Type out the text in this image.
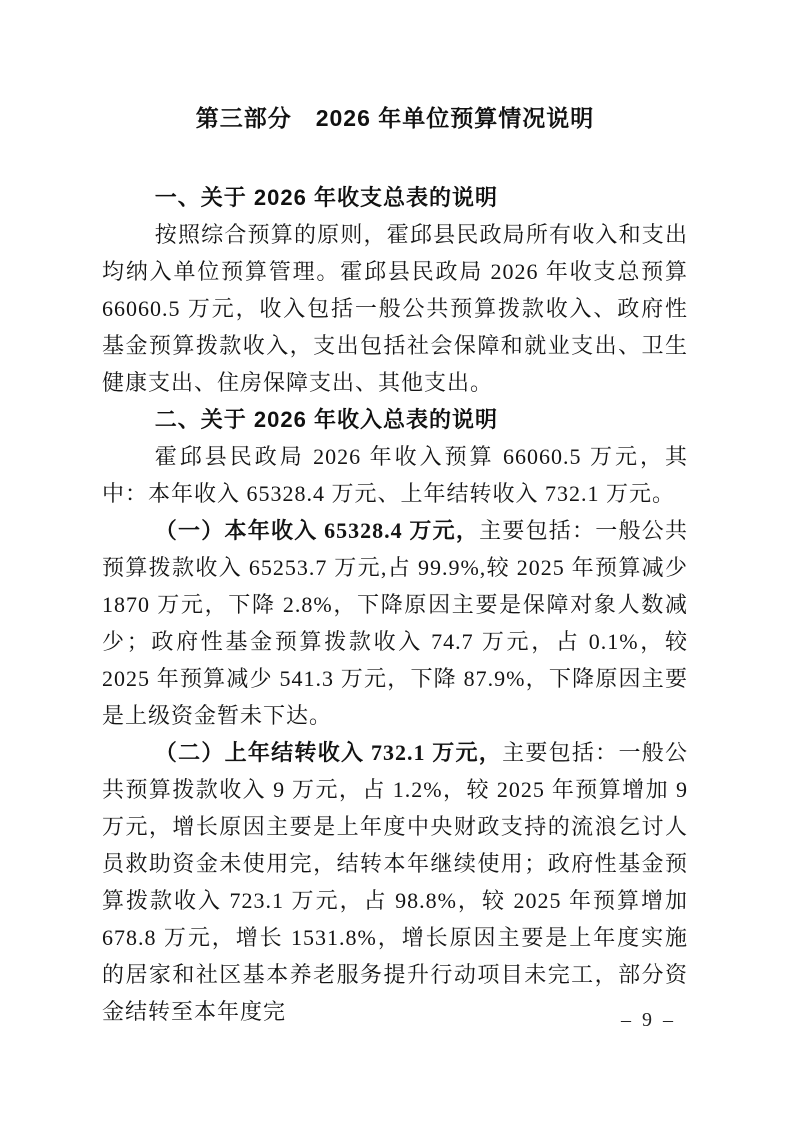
第三部分　2026 年单位预算情况说明
一、关于 2026 年收支总表的说明

按照综合预算的原则，霍邱县民政局所有收入和支出均纳入单位预算管理。霍邱县民政局 2026 年收支总预算 66060.5 万元，收入包括一般公共预算拨款收入、政府性基金预算拨款收入，支出包括社会保障和就业支出、卫生健康支出、住房保障支出、其他支出。

二、关于 2026 年收入总表的说明

霍邱县民政局 2026 年收入预算 66060.5 万元，其中：本年收入 65328.4 万元、上年结转收入 732.1 万元。

（一）本年收入 65328.4 万元，主要包括：一般公共预算拨款收入 65253.7 万元,占 99.9%,较 2025 年预算减少 1870 万元，下降 2.8%，下降原因主要是保障对象人数减少；政府性基金预算拨款收入 74.7 万元，占 0.1%，较 2025 年预算减少 541.3 万元，下降 87.9%，下降原因主要是上级资金暂未下达。

（二）上年结转收入 732.1 万元，主要包括：一般公共预算拨款收入 9 万元，占 1.2%，较 2025 年预算增加 9 万元，增长原因主要是上年度中央财政支持的流浪乞讨人员救助资金未使用完，结转本年继续使用；政府性基金预算拨款收入 723.1 万元，占 98.8%，较 2025 年预算增加 678.8 万元，增长 1531.8%，增长原因主要是上年度实施的居家和社区基本养老服务提升行动项目未完工，部分资金结转至本年度完	– 9 –
